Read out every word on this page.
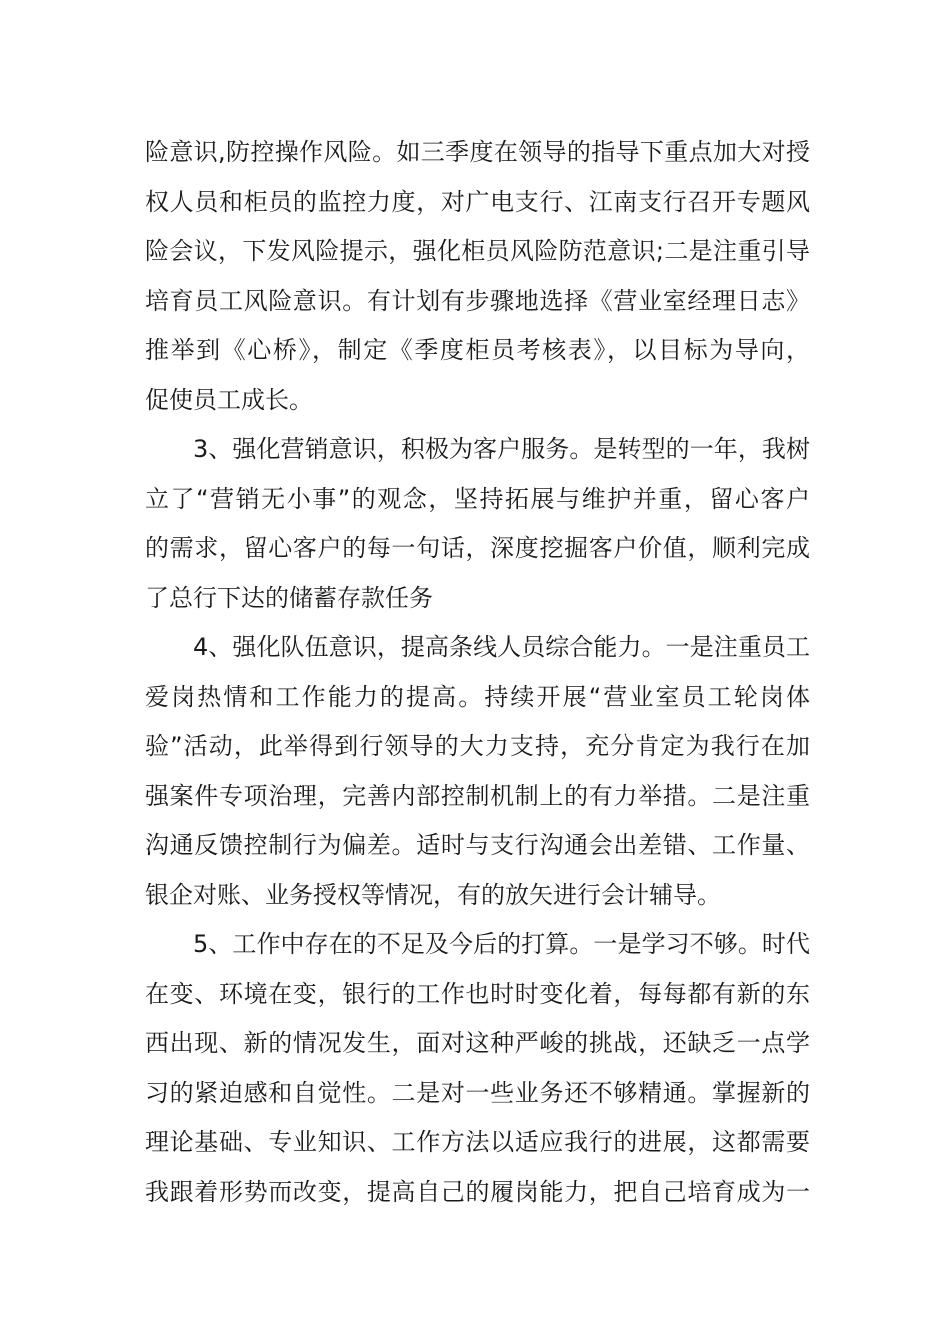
险意识,防控操作风险。如三季度在领导的指导下重点加大对授
权人员和柜员的监控力度，对广电支行、江南支行召开专题风
险会议，下发风险提示，强化柜员风险防范意识;二是注重引导
培育员工风险意识。有计划有步骤地选择《营业室经理日志》
推举到《心桥》，制定《季度柜员考核表》，以目标为导向，
促使员工成长。
3、强化营销意识，积极为客户服务。是转型的一年，我树
立了“营销无小事”的观念，坚持拓展与维护并重，留心客户
的需求，留心客户的每一句话，深度挖掘客户价值，顺利完成
了总行下达的储蓄存款任务
4、强化队伍意识，提高条线人员综合能力。一是注重员工
爱岗热情和工作能力的提高。持续开展“营业室员工轮岗体
验”活动，此举得到行领导的大力支持，充分肯定为我行在加
强案件专项治理，完善内部控制机制上的有力举措。二是注重
沟通反馈控制行为偏差。适时与支行沟通会出差错、工作量、
银企对账、业务授权等情况，有的放矢进行会计辅导。
5、工作中存在的不足及今后的打算。一是学习不够。时代
在变、环境在变，银行的工作也时时变化着，每每都有新的东
西出现、新的情况发生，面对这种严峻的挑战，还缺乏一点学
习的紧迫感和自觉性。二是对一些业务还不够精通。掌握新的
理论基础、专业知识、工作方法以适应我行的进展，这都需要
我跟着形势而改变，提高自己的履岗能力，把自己培育成为一
